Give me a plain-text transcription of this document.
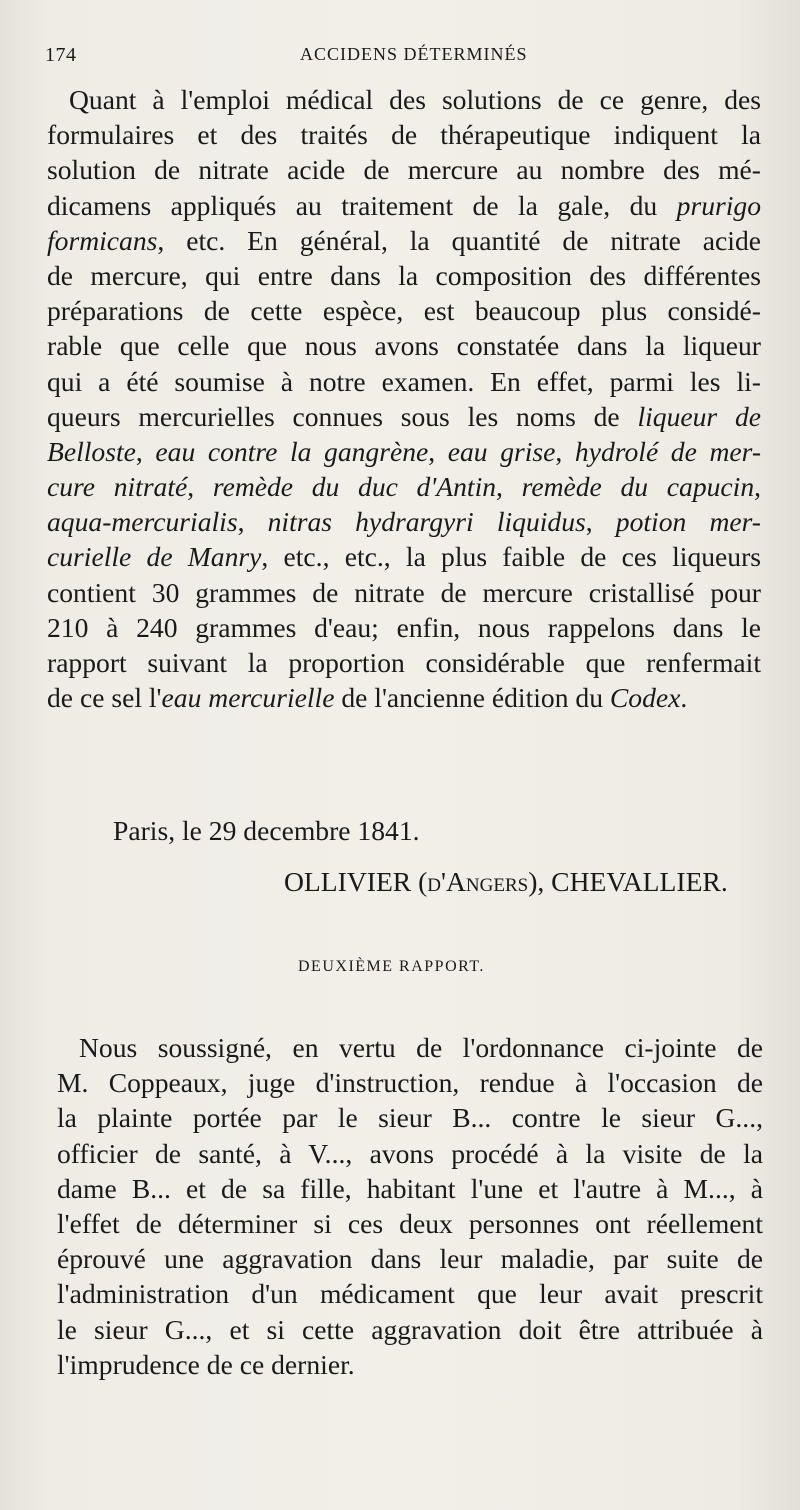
174	ACCIDENS DÉTERMINÉS
Quant à l'emploi médical des solutions de ce genre, des
formulaires et des traités de thérapeutique indiquent la
solution de nitrate acide de mercure au nombre des mé-
dicamens appliqués au traitement de la gale, du prurigo
formicans, etc. En général, la quantité de nitrate acide
de mercure, qui entre dans la composition des différentes
préparations de cette espèce, est beaucoup plus considé-
rable que celle que nous avons constatée dans la liqueur
qui a été soumise à notre examen. En effet, parmi les li-
queurs mercurielles connues sous les noms de liqueur de
Belloste, eau contre la gangrène, eau grise, hydrolé de mer-
cure nitraté, remède du duc d'Antin, remède du capucin,
aqua-mercurialis, nitras hydrargyri liquidus, potion mer-
curielle de Manry, etc., etc., la plus faible de ces liqueurs
contient 30 grammes de nitrate de mercure cristallisé pour
210 à 240 grammes d'eau; enfin, nous rappelons dans le
rapport suivant la proportion considérable que renfermait
de ce sel l'eau mercurielle de l'ancienne édition du Codex.
Paris, le 29 decembre 1841.
OLLIVIER (d'Angers), CHEVALLIER.
DEUXIÈME RAPPORT.
Nous soussigné, en vertu de l'ordonnance ci-jointe de
M. Coppeaux, juge d'instruction, rendue à l'occasion de
la plainte portée par le sieur B... contre le sieur G...,
officier de santé, à V..., avons procédé à la visite de la
dame B... et de sa fille, habitant l'une et l'autre à M..., à
l'effet de déterminer si ces deux personnes ont réellement
éprouvé une aggravation dans leur maladie, par suite de
l'administration d'un médicament que leur avait prescrit
le sieur G..., et si cette aggravation doit être attribuée à
l'imprudence de ce dernier.
